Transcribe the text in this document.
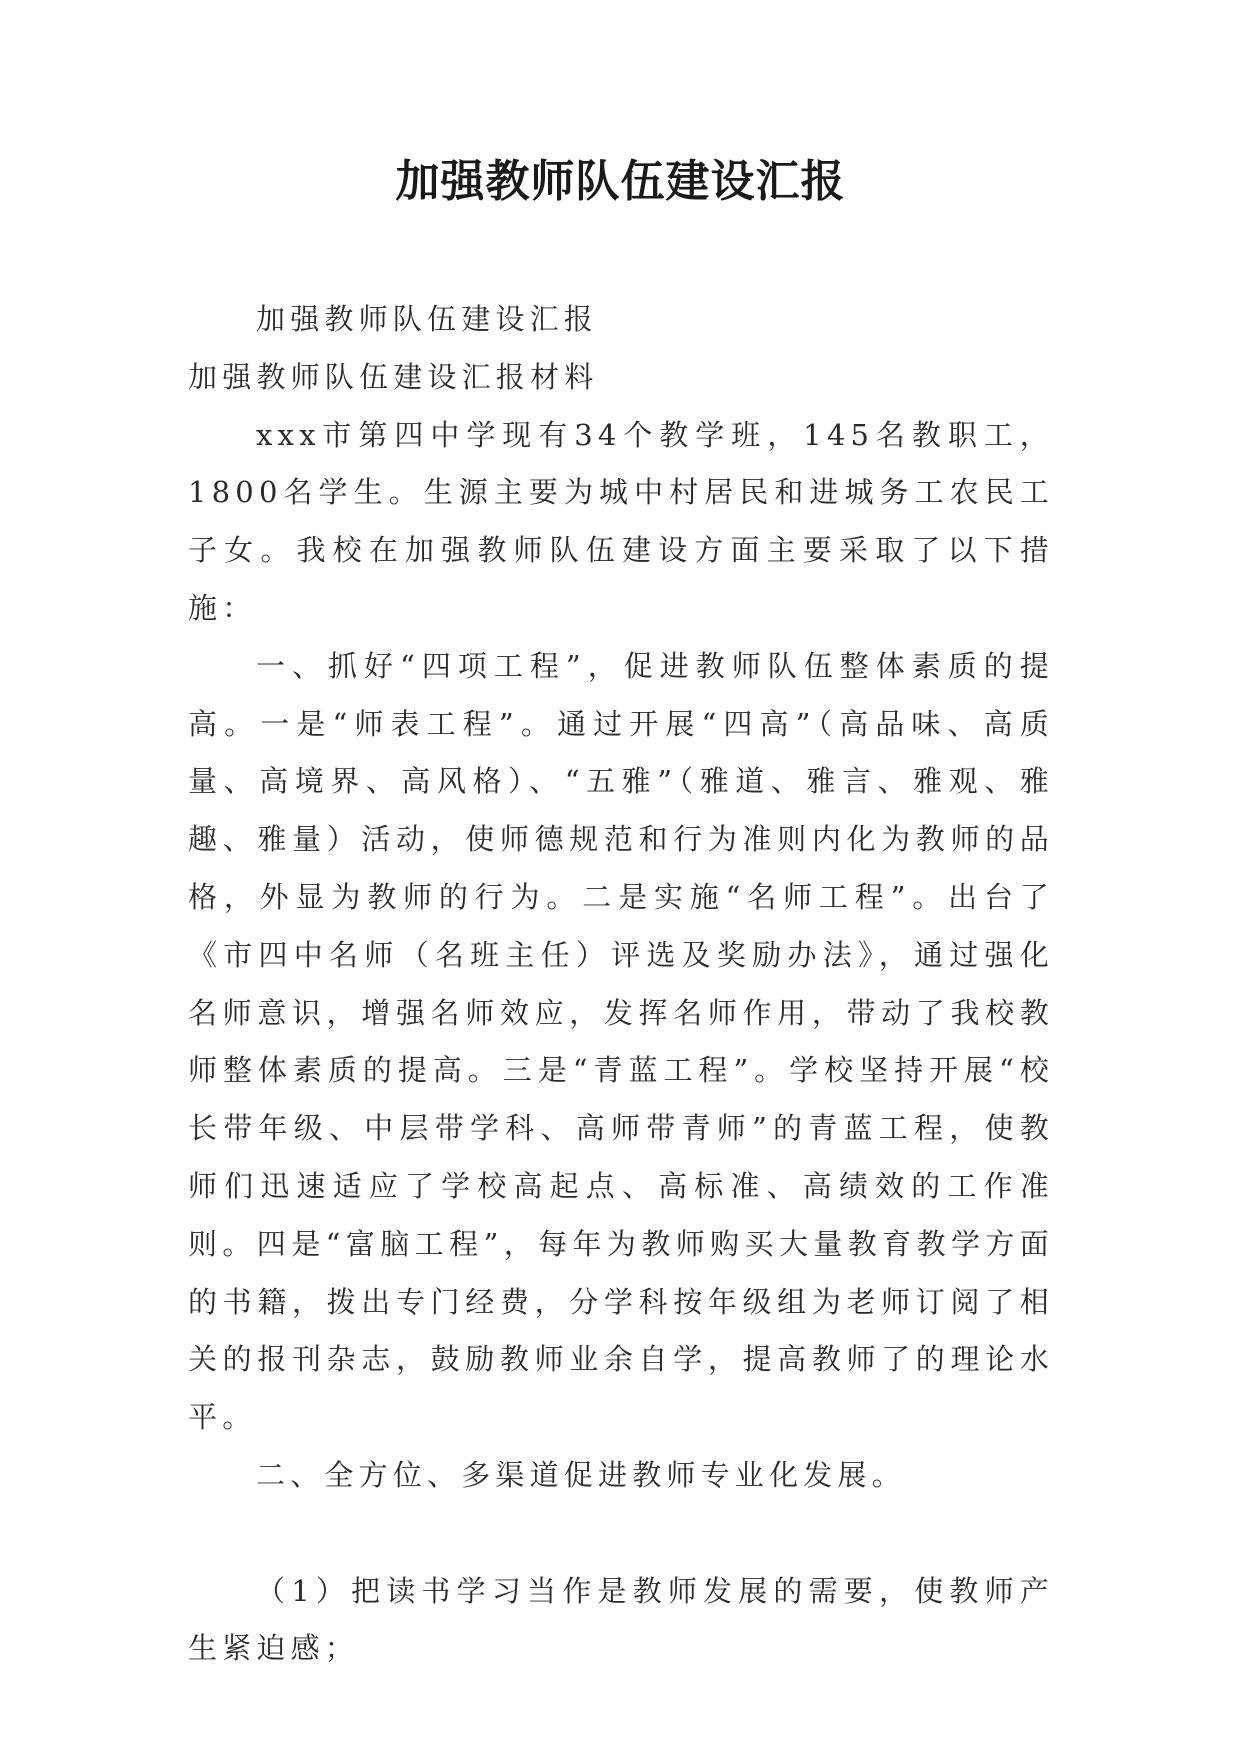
加强教师队伍建设汇报

加强教师队伍建设汇报

加强教师队伍建设汇报材料

xxx市第四中学现有34个教学班，145名教职工，1800名学生。生源主要为城中村居民和进城务工农民工子女。我校在加强教师队伍建设方面主要采取了以下措施：

一、抓好“四项工程”，促进教师队伍整体素质的提高。一是“师表工程”。通过开展“四高”（高品味、高质量、高境界、高风格）、“五雅”（雅道、雅言、雅观、雅趣、雅量）活动，使师德规范和行为准则内化为教师的品格，外显为教师的行为。二是实施“名师工程”。出台了《市四中名师（名班主任）评选及奖励办法》，通过强化名师意识，增强名师效应，发挥名师作用，带动了我校教师整体素质的提高。三是“青蓝工程”。学校坚持开展“校长带年级、中层带学科、高师带青师”的青蓝工程，使教师们迅速适应了学校高起点、高标准、高绩效的工作准则。四是“富脑工程”，每年为教师购买大量教育教学方面的书籍，拨出专门经费，分学科按年级组为老师订阅了相关的报刊杂志，鼓励教师业余自学，提高教师了的理论水平。

二、全方位、多渠道促进教师专业化发展。

（1）把读书学习当作是教师发展的需要，使教师产生紧迫感；
